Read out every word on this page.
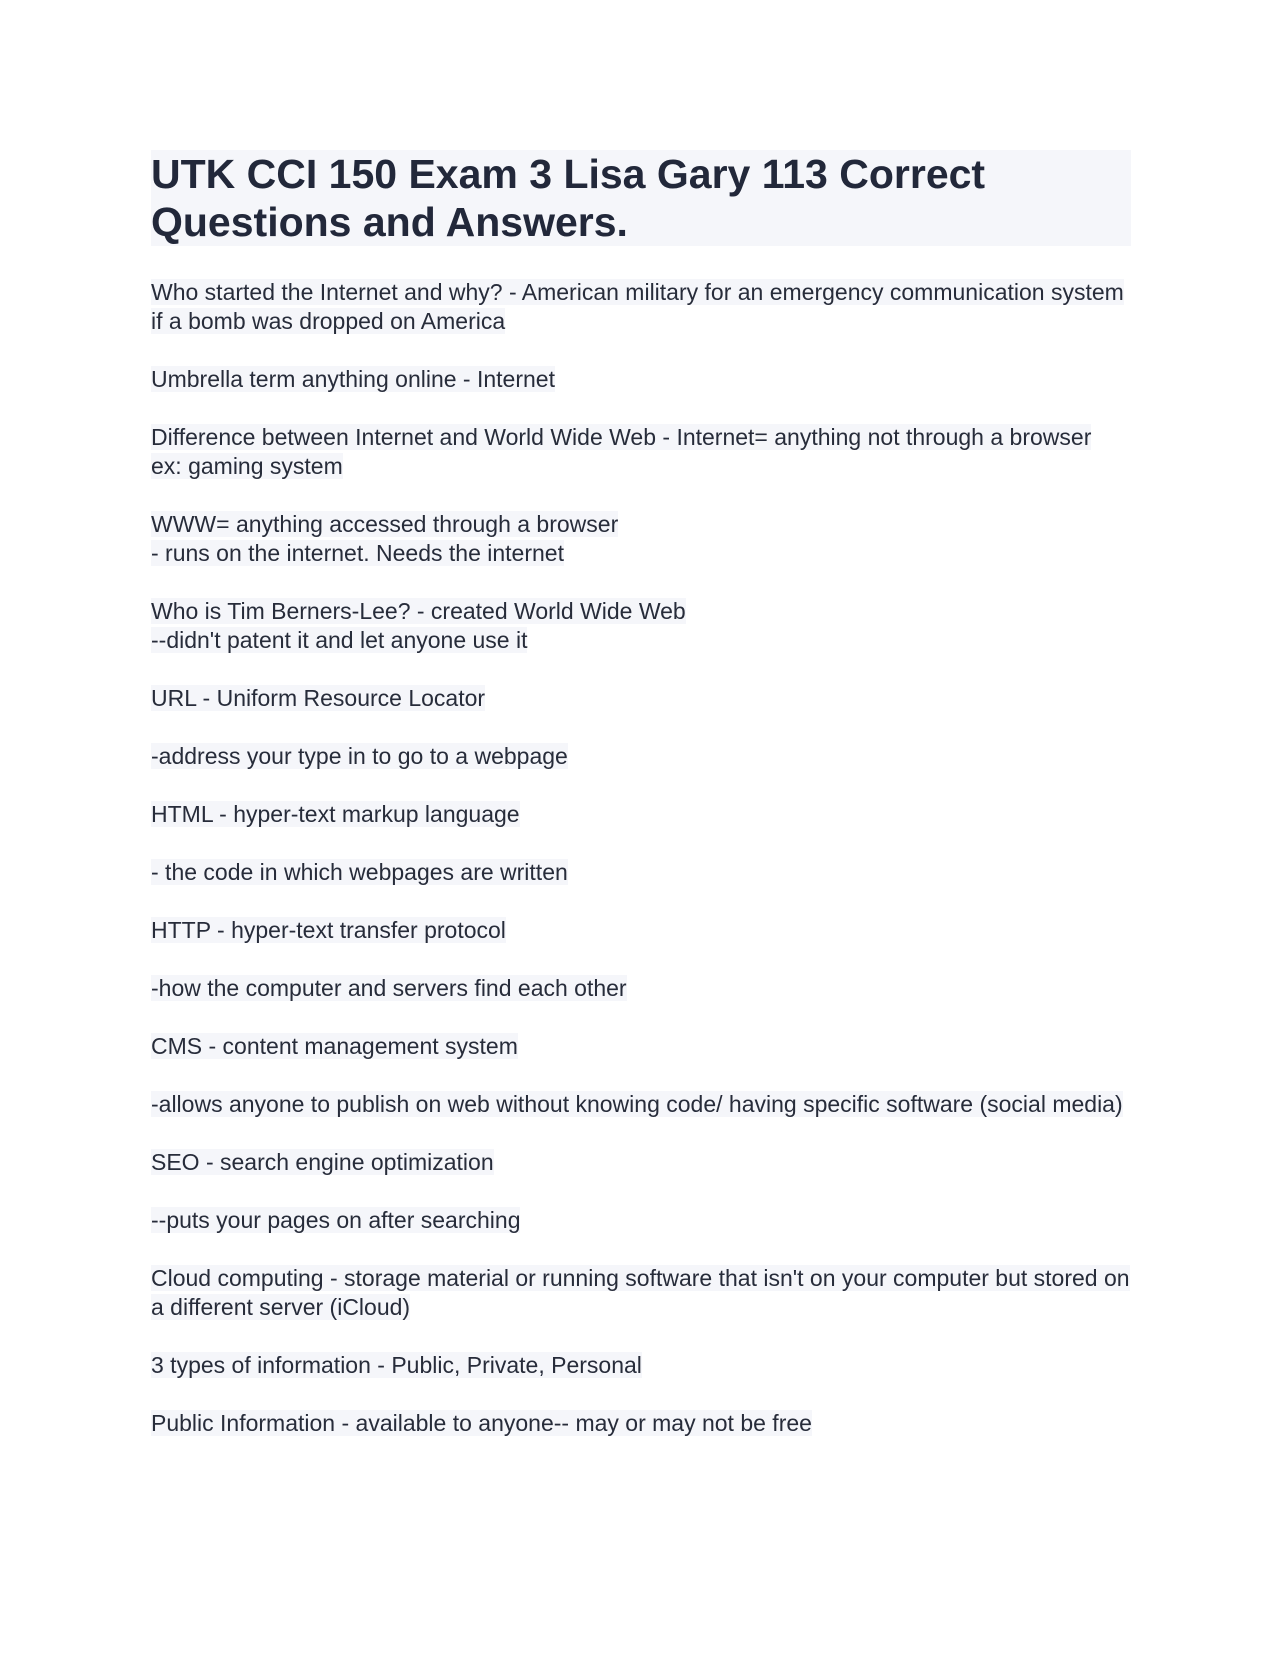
UTK CCI 150 Exam 3 Lisa Gary 113 Correct Questions and Answers.
Who started the Internet and why? - American military for an emergency communication system if a bomb was dropped on America
Umbrella term anything online - Internet
Difference between Internet and World Wide Web - Internet= anything not through a browser
ex: gaming system
WWW= anything accessed through a browser
- runs on the internet. Needs the internet
Who is Tim Berners-Lee? - created World Wide Web
--didn't patent it and let anyone use it
URL - Uniform Resource Locator
-address your type in to go to a webpage
HTML - hyper-text markup language
- the code in which webpages are written
HTTP - hyper-text transfer protocol
-how the computer and servers find each other
CMS - content management system
-allows anyone to publish on web without knowing code/ having specific software (social media)
SEO - search engine optimization
--puts your pages on after searching
Cloud computing - storage material or running software that isn't on your computer but stored on a different server (iCloud)
3 types of information - Public, Private, Personal
Public Information - available to anyone-- may or may not be free
